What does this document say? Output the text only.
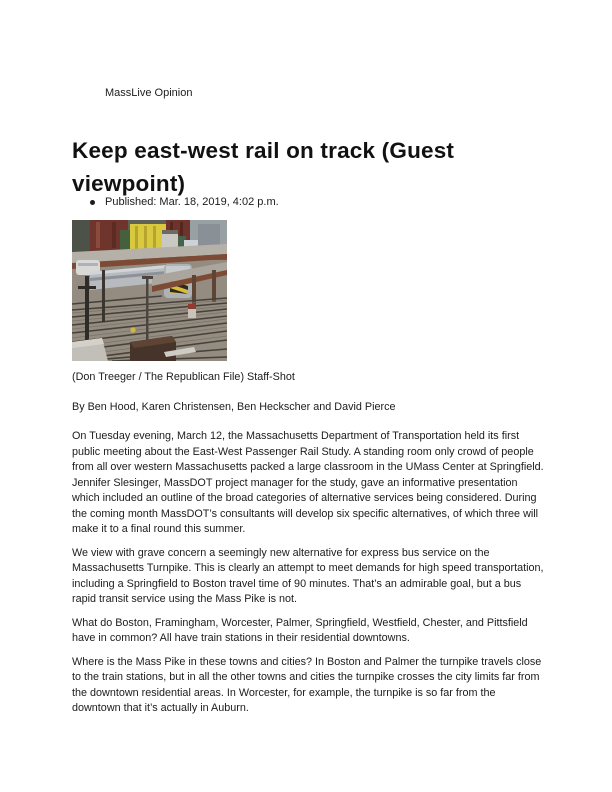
MassLive Opinion
Keep east-west rail on track (Guest viewpoint)
Published: Mar. 18, 2019, 4:02 p.m.
(Don Treeger / The Republican File) Staff-Shot
By Ben Hood, Karen Christensen, Ben Heckscher and David Pierce

On Tuesday evening, March 12, the Massachusetts Department of Transportation held its first public meeting about the East-West Passenger Rail Study. A standing room only crowd of people from all over western Massachusetts packed a large classroom in the UMass Center at Springfield. Jennifer Slesinger, MassDOT project manager for the study, gave an informative presentation which included an outline of the broad categories of alternative services being considered. During the coming month MassDOT’s consultants will develop six specific alternatives, of which three will make it to a final round this summer.

We view with grave concern a seemingly new alternative for express bus service on the Massachusetts Turnpike. This is clearly an attempt to meet demands for high speed transportation, including a Springfield to Boston travel time of 90 minutes. That’s an admirable goal, but a bus rapid transit service using the Mass Pike is not.

What do Boston, Framingham, Worcester, Palmer, Springfield, Westfield, Chester, and Pittsfield have in common? All have train stations in their residential downtowns.

Where is the Mass Pike in these towns and cities? In Boston and Palmer the turnpike travels close to the train stations, but in all the other towns and cities the turnpike crosses the city limits far from the downtown residential areas. In Worcester, for example, the turnpike is so far from the downtown that it’s actually in Auburn.
